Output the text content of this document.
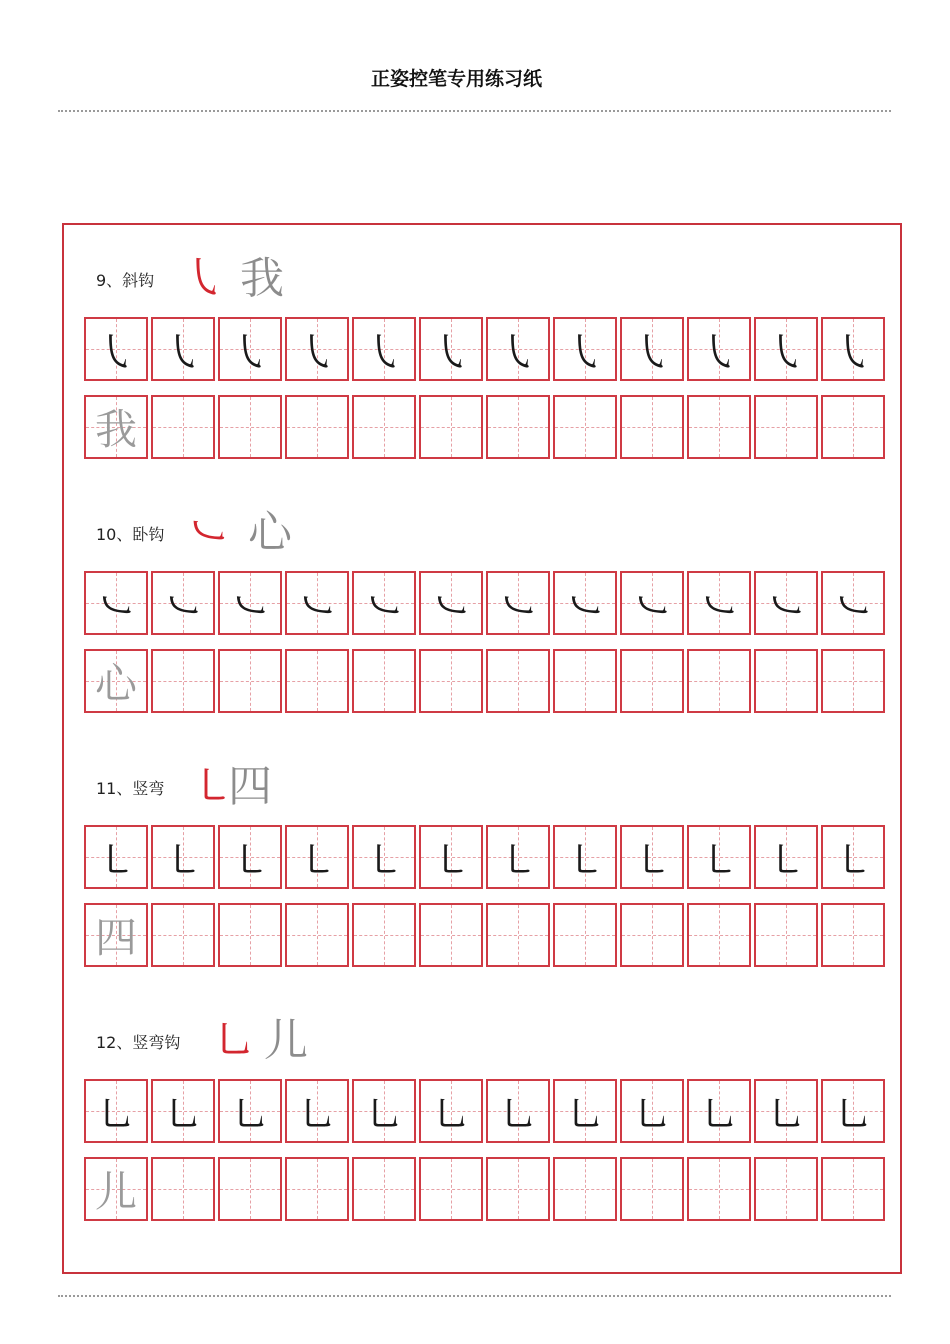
正姿控笔专用练习纸
9、斜钩 ㇂ 我
㇂ ㇂ ㇂ ㇂ ㇂ ㇂ ㇂ ㇂ ㇂ ㇂ ㇂ ㇂
我
10、卧钩 ㇃ 心
㇃ ㇃ ㇃ ㇃ ㇃ ㇃ ㇃ ㇃ ㇃ ㇃ ㇃ ㇃
心
11、竖弯 ㇄
四
㇄ ㇄ ㇄ ㇄ ㇄ ㇄ ㇄ ㇄ ㇄ ㇄ ㇄ ㇄
四
12、竖弯钩 ㇟ 儿
㇟ ㇟ ㇟ ㇟ ㇟ ㇟ ㇟ ㇟ ㇟ ㇟ ㇟ ㇟
儿
